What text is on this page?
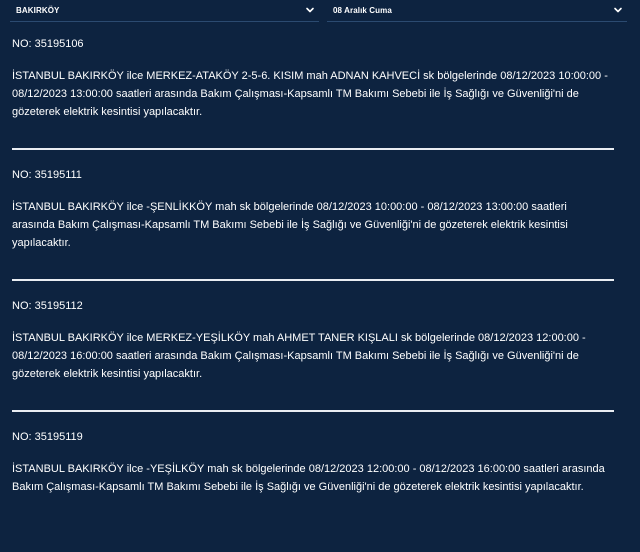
BAKIRKÖY	08 Aralık Cuma
NO: 35195106
İSTANBUL BAKIRKÖY ilce MERKEZ-ATAKÖY 2-5-6. KISIM mah ADNAN KAHVECİ sk bölgelerinde 08/12/2023 10:00:00 - 08/12/2023 13:00:00 saatleri arasında Bakım Çalışması-Kapsamlı TM Bakımı Sebebi ile İş Sağlığı ve Güvenliği'ni de gözeterek elektrik kesintisi yapılacaktır.
NO: 35195111
İSTANBUL BAKIRKÖY ilce -ŞENLİKKÖY mah sk bölgelerinde 08/12/2023 10:00:00 - 08/12/2023 13:00:00 saatleri arasında Bakım Çalışması-Kapsamlı TM Bakımı Sebebi ile İş Sağlığı ve Güvenliği'ni de gözeterek elektrik kesintisi yapılacaktır.
NO: 35195112
İSTANBUL BAKIRKÖY ilce MERKEZ-YEŞİLKÖY mah AHMET TANER KIŞLALI sk bölgelerinde 08/12/2023 12:00:00 - 08/12/2023 16:00:00 saatleri arasında Bakım Çalışması-Kapsamlı TM Bakımı Sebebi ile İş Sağlığı ve Güvenliği'ni de gözeterek elektrik kesintisi yapılacaktır.
NO: 35195119
İSTANBUL BAKIRKÖY ilce -YEŞİLKÖY mah sk bölgelerinde 08/12/2023 12:00:00 - 08/12/2023 16:00:00 saatleri arasında Bakım Çalışması-Kapsamlı TM Bakımı Sebebi ile İş Sağlığı ve Güvenliği'ni de gözeterek elektrik kesintisi yapılacaktır.
